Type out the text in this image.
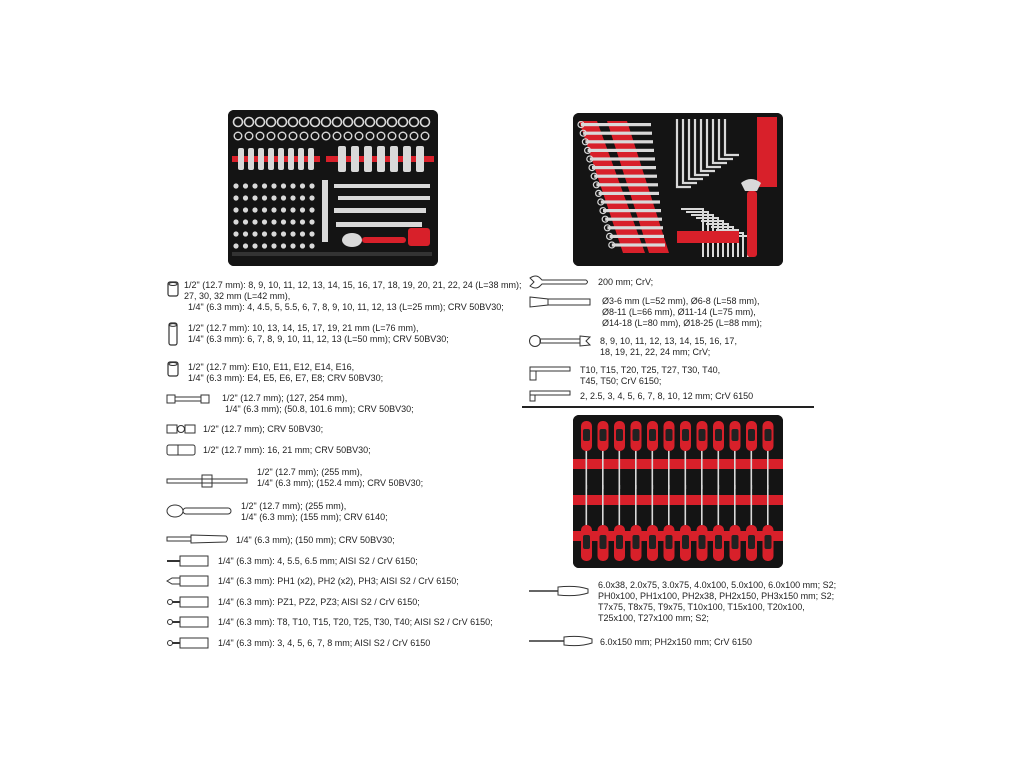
1/2" (12.7 mm): 8, 9, 10, 11, 12, 13, 14, 15, 16, 17, 18, 19, 20, 21, 22, 24 (L=38 mm);
27, 30, 32 mm (L=42 mm),
1/4" (6.3 mm): 4, 4.5, 5, 5.5, 6, 7, 8, 9, 10, 11, 12, 13 (L=25 mm); CRV 50BV30;
1/2" (12.7 mm): 10, 13, 14, 15, 17, 19, 21 mm (L=76 mm),
1/4" (6.3 mm): 6, 7, 8, 9, 10, 11, 12, 13 (L=50 mm); CRV 50BV30;
1/2" (12.7 mm): E10, E11, E12, E14, E16,
1/4" (6.3 mm): E4, E5, E6, E7, E8; CRV 50BV30;
1/2" (12.7 mm); (127, 254 mm),
1/4" (6.3 mm); (50.8, 101.6 mm); CRV 50BV30;
1/2" (12.7 mm); CRV 50BV30;
1/2" (12.7 mm): 16, 21 mm; CRV 50BV30;
1/2" (12.7 mm); (255 mm),
1/4" (6.3 mm); (152.4 mm); CRV 50BV30;
1/2" (12.7 mm); (255 mm),
1/4" (6.3 mm); (155 mm); CRV 6140;
1/4" (6.3 mm); (150 mm); CRV 50BV30;
1/4" (6.3 mm): 4, 5.5, 6.5 mm; AISI S2 / CrV 6150;
1/4" (6.3 mm): PH1 (x2), PH2 (x2), PH3; AISI S2 / CrV 6150;
1/4" (6.3 mm): PZ1, PZ2, PZ3; AISI S2 / CrV 6150;
1/4" (6.3 mm): T8, T10, T15, T20, T25, T30, T40; AISI S2 / CrV 6150;
1/4" (6.3 mm): 3, 4, 5, 6, 7, 8 mm; AISI S2 / CrV 6150
200 mm; CrV;
Ø3-6 mm (L=52 mm), Ø6-8 (L=58 mm),
Ø8-11 (L=66 mm), Ø11-14 (L=75 mm),
Ø14-18 (L=80 mm), Ø18-25 (L=88 mm);
8, 9, 10, 11, 12, 13, 14, 15, 16, 17,
18, 19, 21, 22, 24 mm; CrV;
T10, T15, T20, T25, T27, T30, T40,
T45, T50; CrV 6150;
2, 2.5, 3, 4, 5, 6, 7, 8, 10, 12 mm; CrV 6150
6.0x38, 2.0x75, 3.0x75, 4.0x100, 5.0x100, 6.0x100 mm; S2;
PH0x100, PH1x100, PH2x38, PH2x150, PH3x150 mm; S2;
T7x75, T8x75, T9x75, T10x100, T15x100, T20x100,
T25x100, T27x100 mm; S2;
6.0x150 mm; PH2x150 mm; CrV 6150
